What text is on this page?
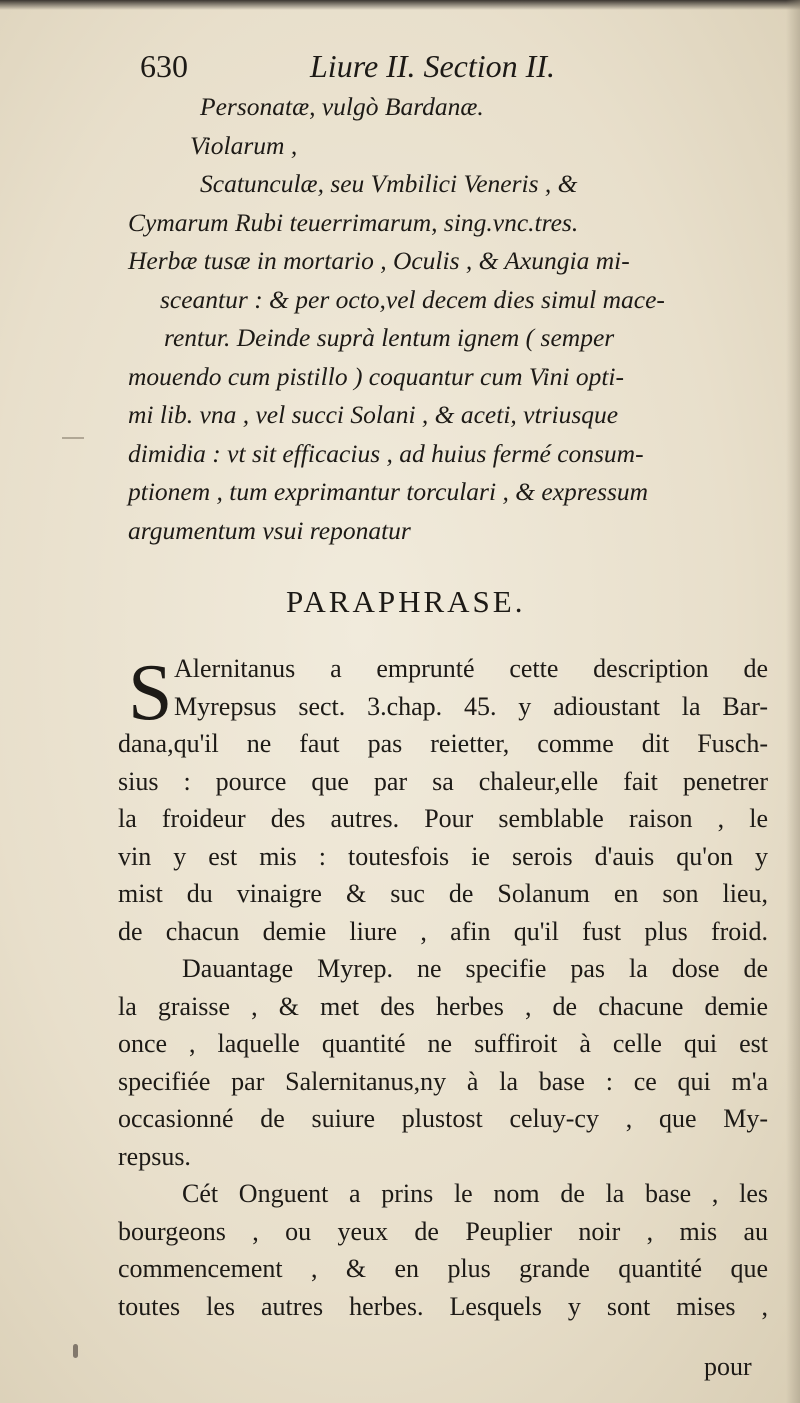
630	Liure II. Section II.
Personatæ, vulgò Bardanæ.
Violarum ,
Scatunculæ, seu Vmbilici Veneris , &
Cymarum Rubi teuerrimarum, sing.vnc.tres.
Herbæ tusæ in mortario , Oculis , & Axungia mi-
sceantur : & per octo,vel decem dies simul mace-
rentur. Deinde suprà lentum ignem ( semper
mouendo cum pistillo ) coquantur cum Vini opti-
mi lib. vna , vel succi Solani , & aceti, vtriusque
dimidia : vt sit efficacius , ad huius fermé consum-
ptionem , tum exprimantur torculari , & expressum
argumentum vsui reponatur
PARAPHRASE.
S Alernitanus a emprunté cette description de
Myrepsus sect. 3.chap. 45. y adioustant la Bar-
dana,qu'il ne faut pas reietter, comme dit Fusch-
sius : pource que par sa chaleur,elle fait penetrer
la froideur des autres. Pour semblable raison , le
vin y est mis : toutesfois ie serois d'auis qu'on y
mist du vinaigre & suc de Solanum en son lieu,
de chacun demie liure , afin qu'il fust plus froid.
Dauantage Myrep. ne specifie pas la dose de
la graisse , & met des herbes , de chacune demie
once , laquelle quantité ne suffiroit à celle qui est
specifiée par Salernitanus,ny à la base : ce qui m'a
occasionné de suiure plustost celuy-cy , que My-
repsus.
Cét Onguent a prins le nom de la base , les
bourgeons , ou yeux de Peuplier noir , mis au
commencement , & en plus grande quantité que
toutes les autres herbes. Lesquels y sont mises ,
pour
